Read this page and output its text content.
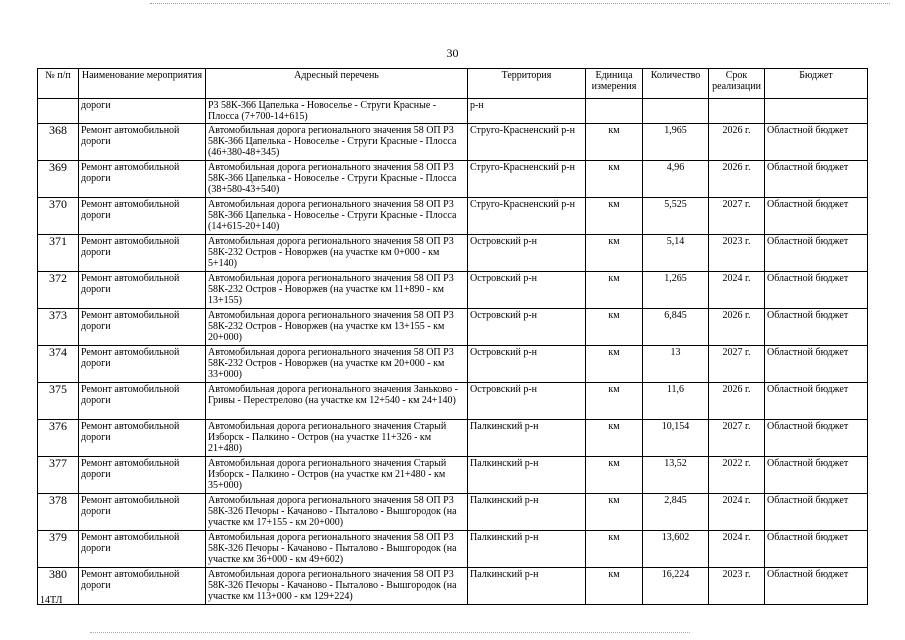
30
№ п/п	Наименование мероприятия	Адресный перечень	Территория	Единица измерения	Количество	Срок реализации	Бюджет
	дороги	Р3 58К-366 Цапелька - Новоселье - Струги Красные - Плосса (7+700-14+615)	р-н				
368	Ремонт автомобильной дороги	Автомобильная дорога регионального значения 58 ОП Р3 58К-366 Цапелька - Новоселье - Струги Красные - Плосса (46+380-48+345)	Струго-Красненский р-н	км	1,965	2026 г.	Областной бюджет
369	Ремонт автомобильной дороги	Автомобильная дорога регионального значения 58 ОП Р3 58К-366 Цапелька - Новоселье - Струги Красные - Плосса (38+580-43+540)	Струго-Красненский р-н	км	4,96	2026 г.	Областной бюджет
370	Ремонт автомобильной дороги	Автомобильная дорога регионального значения 58 ОП Р3 58К-366 Цапелька - Новоселье - Струги Красные - Плосса (14+615-20+140)	Струго-Красненский р-н	км	5,525	2027 г.	Областной бюджет
371	Ремонт автомобильной дороги	Автомобильная дорога регионального значения 58 ОП Р3 58К-232 Остров - Новоржев (на участке км 0+000 - км 5+140)	Островский р-н	км	5,14	2023 г.	Областной бюджет
372	Ремонт автомобильной дороги	Автомобильная дорога регионального значения 58 ОП Р3 58К-232 Остров - Новоржев (на участке км 11+890 - км 13+155)	Островский р-н	км	1,265	2024 г.	Областной бюджет
373	Ремонт автомобильной дороги	Автомобильная дорога регионального значения 58 ОП Р3 58К-232 Остров - Новоржев (на участке км 13+155 - км 20+000)	Островский р-н	км	6,845	2026 г.	Областной бюджет
374	Ремонт автомобильной дороги	Автомобильная дорога регионального значения 58 ОП Р3 58К-232 Остров - Новоржев (на участке км 20+000 - км 33+000)	Островский р-н	км	13	2027 г.	Областной бюджет
375	Ремонт автомобильной дороги	Автомобильная дорога регионального значения Заньково - Гривы - Перестрелово (на участке км 12+540 - км 24+140)	Островский р-н	км	11,6	2026 г.	Областной бюджет
376	Ремонт автомобильной дороги	Автомобильная дорога регионального значения Старый Изборск - Палкино - Остров (на участке 11+326 - км 21+480)	Палкинский р-н	км	10,154	2027 г.	Областной бюджет
377	Ремонт автомобильной дороги	Автомобильная дорога регионального значения Старый Изборск - Палкино - Остров (на участке км 21+480 - км 35+000)	Палкинский р-н	км	13,52	2022 г.	Областной бюджет
378	Ремонт автомобильной дороги	Автомобильная дорога регионального значения 58 ОП Р3 58К-326 Печоры - Качаново - Пыталово - Вышгородок (на участке км 17+155 - км 20+000)	Палкинский р-н	км	2,845	2024 г.	Областной бюджет
379	Ремонт автомобильной дороги	Автомобильная дорога регионального значения 58 ОП Р3 58К-326 Печоры - Качаново - Пыталово - Вышгородок (на участке км 36+000 - км 49+602)	Палкинский р-н	км	13,602	2024 г.	Областной бюджет
380	Ремонт автомобильной дороги	Автомобильная дорога регионального значения 58 ОП Р3 58К-326 Печоры - Качаново - Пыталово - Вышгородок (на участке км 113+000 - км 129+224)	Палкинский р-н	км	16,224	2023 г.	Областной бюджет
14ТЛ
